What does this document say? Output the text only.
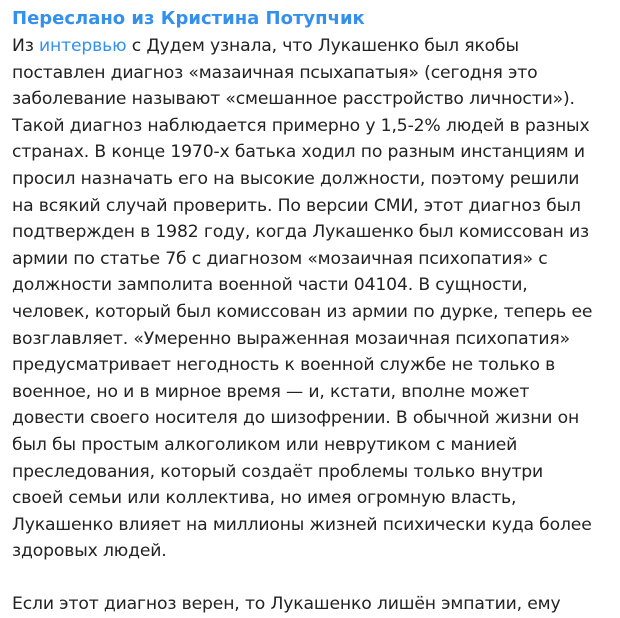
Переслано из Кристина Потупчик
Из интервью с Дудем узнала, что Лукашенко был якобы
поставлен диагноз «мазаичная псыхапатыя» (сегодня это
заболевание называют «смешанное расстройство личности»).
Такой диагноз наблюдается примерно у 1,5-2% людей в разных
странах. В конце 1970-х батька ходил по разным инстанциям и
просил назначать его на высокие должности, поэтому решили
на всякий случай проверить. По версии СМИ, этот диагноз был
подтвержден в 1982 году, когда Лукашенко был комиссован из
армии по статье 7б с диагнозом «мозаичная психопатия» с
должности замполита военной части 04104. В сущности,
человек, который был комиссован из армии по дурке, теперь ее
возглавляет. «Умеренно выраженная мозаичная психопатия»
предусматривает негодность к военной службе не только в
военное, но и в мирное время — и, кстати, вполне может
довести своего носителя до шизофрении. В обычной жизни он
был бы простым алкоголиком или неврутиком с манией
преследования, который создаёт проблемы только внутри
своей семьи или коллектива, но имея огромную власть,
Лукашенко влияет на миллионы жизней психически куда более
здоровых людей.
Если этот диагноз верен, то Лукашенко лишён эмпатии, ему
